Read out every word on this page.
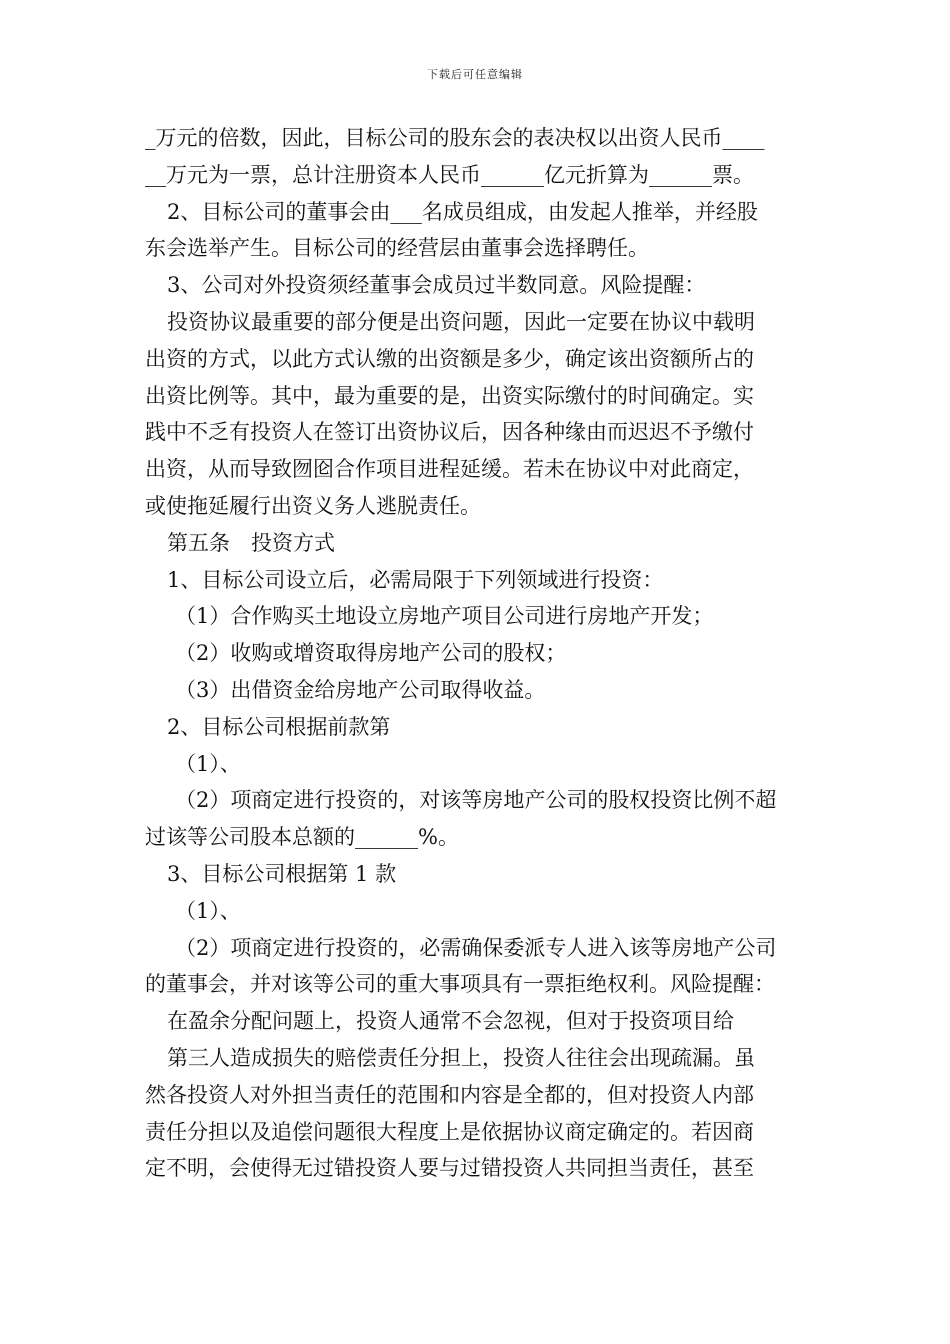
下载后可任意编辑
_万元的倍数，因此，目标公司的股东会的表决权以出资人民币____
__万元为一票，总计注册资本人民币______亿元折算为______票。
2、目标公司的董事会由___名成员组成，由发起人推举，并经股
东会选举产生。目标公司的经营层由董事会选择聘任。
3、公司对外投资须经董事会成员过半数同意。风险提醒：
投资协议最重要的部分便是出资问题，因此一定要在协议中载明
出资的方式，以此方式认缴的出资额是多少，确定该出资额所占的
出资比例等。其中，最为重要的是，出资实际缴付的时间确定。实
践中不乏有投资人在签订出资协议后，因各种缘由而迟迟不予缴付
出资，从而导致囫囵合作项目进程延缓。若未在协议中对此商定，
或使拖延履行出资义务人逃脱责任。
第五条　投资方式
1、目标公司设立后，必需局限于下列领域进行投资：
（1）合作购买土地设立房地产项目公司进行房地产开发；
（2）收购或增资取得房地产公司的股权；
（3）出借资金给房地产公司取得收益。
2、目标公司根据前款第
（1）、
（2）项商定进行投资的，对该等房地产公司的股权投资比例不超
过该等公司股本总额的______%。
3、目标公司根据第 1 款
（1）、
（2）项商定进行投资的，必需确保委派专人进入该等房地产公司
的董事会，并对该等公司的重大事项具有一票拒绝权利。风险提醒：
在盈余分配问题上，投资人通常不会忽视，但对于投资项目给
第三人造成损失的赔偿责任分担上，投资人往往会出现疏漏。虽
然各投资人对外担当责任的范围和内容是全都的，但对投资人内部
责任分担以及追偿问题很大程度上是依据协议商定确定的。若因商
定不明，会使得无过错投资人要与过错投资人共同担当责任，甚至
